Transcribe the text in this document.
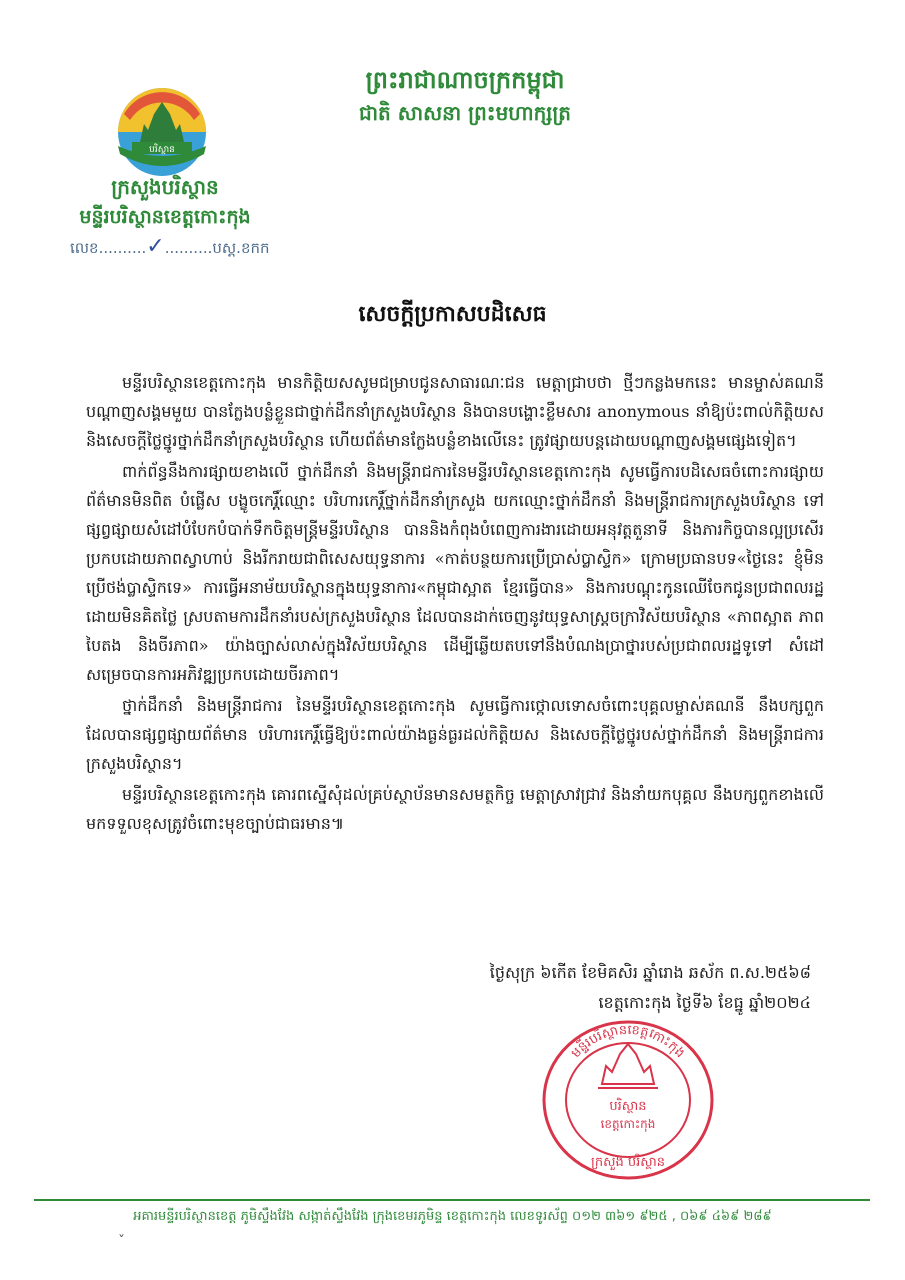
បរិស្ថាន
ក្រសួងបរិស្ថាន
មន្ទីរបរិស្ថានខេត្តកោះកុង
លេខ..........✓..........បស្ត.ខកក
ព្រះរាជាណាចក្រកម្ពុជា
ជាតិ សាសនា ព្រះមហាក្សត្រ
សេចក្តីប្រកាសបដិសេធ

មន្ទីរបរិស្ថានខេត្តកោះកុង មានកិត្តិយសសូមជម្រាបជូនសាធារណៈជន មេត្តាជ្រាបថា ថ្មីៗកន្លងមកនេះ មានម្ចាស់គណនីបណ្តាញសង្គមមួយ បានក្លែងបន្លំខ្លួនជាថ្នាក់ដឹកនាំក្រសួងបរិស្ថាន និងបានបង្ហោះខ្លឹមសារ anonymous នាំឱ្យប៉ះពាល់កិត្តិយស និងសេចក្តីថ្លៃថ្នូរថ្នាក់ដឹកនាំក្រសួងបរិស្ថាន ហើយព័ត៌មានក្លែងបន្លំខាងលើនេះ ត្រូវផ្សាយបន្តដោយបណ្តាញសង្គមផ្សេងទៀត។

ពាក់ព័ន្ធនឹងការផ្សាយខាងលើ ថ្នាក់ដឹកនាំ និងមន្ត្រីរាជការនៃមន្ទីរបរិស្ថានខេត្តកោះកុង សូមធ្វើការបដិសេធចំពោះការផ្សាយព័ត៌មានមិនពិត បំផ្លើស បង្ខូចកេរ្តិ៍ឈ្មោះ បរិហារកេរ្តិ៍ថ្នាក់ដឹកនាំក្រសួង យកឈ្មោះថ្នាក់ដឹកនាំ និងមន្ត្រីរាជការក្រសួងបរិស្ថាន ទៅផ្សព្វផ្សាយសំដៅបំបែកបំបាក់ទឹកចិត្តមន្ត្រីមន្ទីរបរិស្ថាន បាននិងកំពុងបំពេញការងារដោយអនុវត្តតួនាទី និងភារកិច្ចបានល្អប្រសើរ ប្រកបដោយភាពស្វាហាប់ និងរីករាយជាពិសេសយុទ្ធនាការ «កាត់បន្ថយការប្រើប្រាស់ប្លាស្ទិក» ក្រោមប្រធានបទ«ថ្ងៃនេះ ខ្ញុំមិនប្រើថង់ប្លាស្ទិកទេ» ការធ្វើអនាម័យបរិស្ថានក្នុងយុទ្ធនាការ«កម្ពុជាស្អាត ខ្មែរធ្វើបាន» និងការបណ្តុះកូនឈើចែកជូនប្រជាពលរដ្ឋដោយមិនគិតថ្លៃ ស្របតាមការដឹកនាំរបស់ក្រសួងបរិស្ថាន ដែលបានដាក់ចេញនូវយុទ្ធសាស្ត្រចក្រាវិស័យបរិស្ថាន «ភាពស្អាត ភាពបៃតង និងចីរភាព» យ៉ាងច្បាស់លាស់ក្នុងវិស័យបរិស្ថាន ដើម្បីឆ្លើយតបទៅនឹងបំណងប្រាថ្នារបស់ប្រជាពលរដ្ឋទូទៅ សំដៅសម្រេចបានការអភិវឌ្ឍប្រកបដោយចីរភាព។

ថ្នាក់ដឹកនាំ និងមន្ត្រីរាជការ នៃមន្ទីរបរិស្ថានខេត្តកោះកុង សូមធ្វើការថ្កោលទោសចំពោះបុគ្គលម្ចាស់គណនី នឹងបក្សពួក ដែលបានផ្សព្វផ្សាយព័ត៌មាន បរិហារកេរ្តិ៍ធ្វើឱ្យប៉ះពាល់យ៉ាងធ្ងន់ធ្ងរដល់កិត្តិយស និងសេចក្តីថ្លៃថ្នូរបស់ថ្នាក់ដឹកនាំ និងមន្ត្រីរាជការក្រសួងបរិស្ថាន។

មន្ទីរបរិស្ថានខេត្តកោះកុង គោរពស្នើសុំដល់គ្រប់ស្ថាប័នមានសមត្ថកិច្ច មេត្តាស្រាវជ្រាវ និងនាំយកបុគ្គល នឹងបក្សពួកខាងលើ មកទទួលខុសត្រូវចំពោះមុខច្បាប់ជាធរមាន៕

ថ្ងៃសុក្រ ៦កើត ខែមិគសិរ ឆ្នាំរោង ឆស័ក ព.ស.២៥៦៨
ខេត្តកោះកុង ថ្ងៃទី៦ ខែធ្នូ ឆ្នាំ២០២៤
មន្ទីរបរិស្ថានខេត្តកោះកុង
បរិស្ថាន
ខេត្តកោះកុង
ក្រសួង បរិស្ថាន
អគារមន្ទីរបរិស្ថានខេត្ត ភូមិស្ទឹងវែង សង្កាត់ស្ទឹងវែង ក្រុងខេមរភូមិន្ទ ខេត្តកោះកុង លេខទូរស័ព្ទ ០១២ ៣៦១ ៩២៥ , ០៦៩ ៤៦៩ ២៨៩
ˇ
